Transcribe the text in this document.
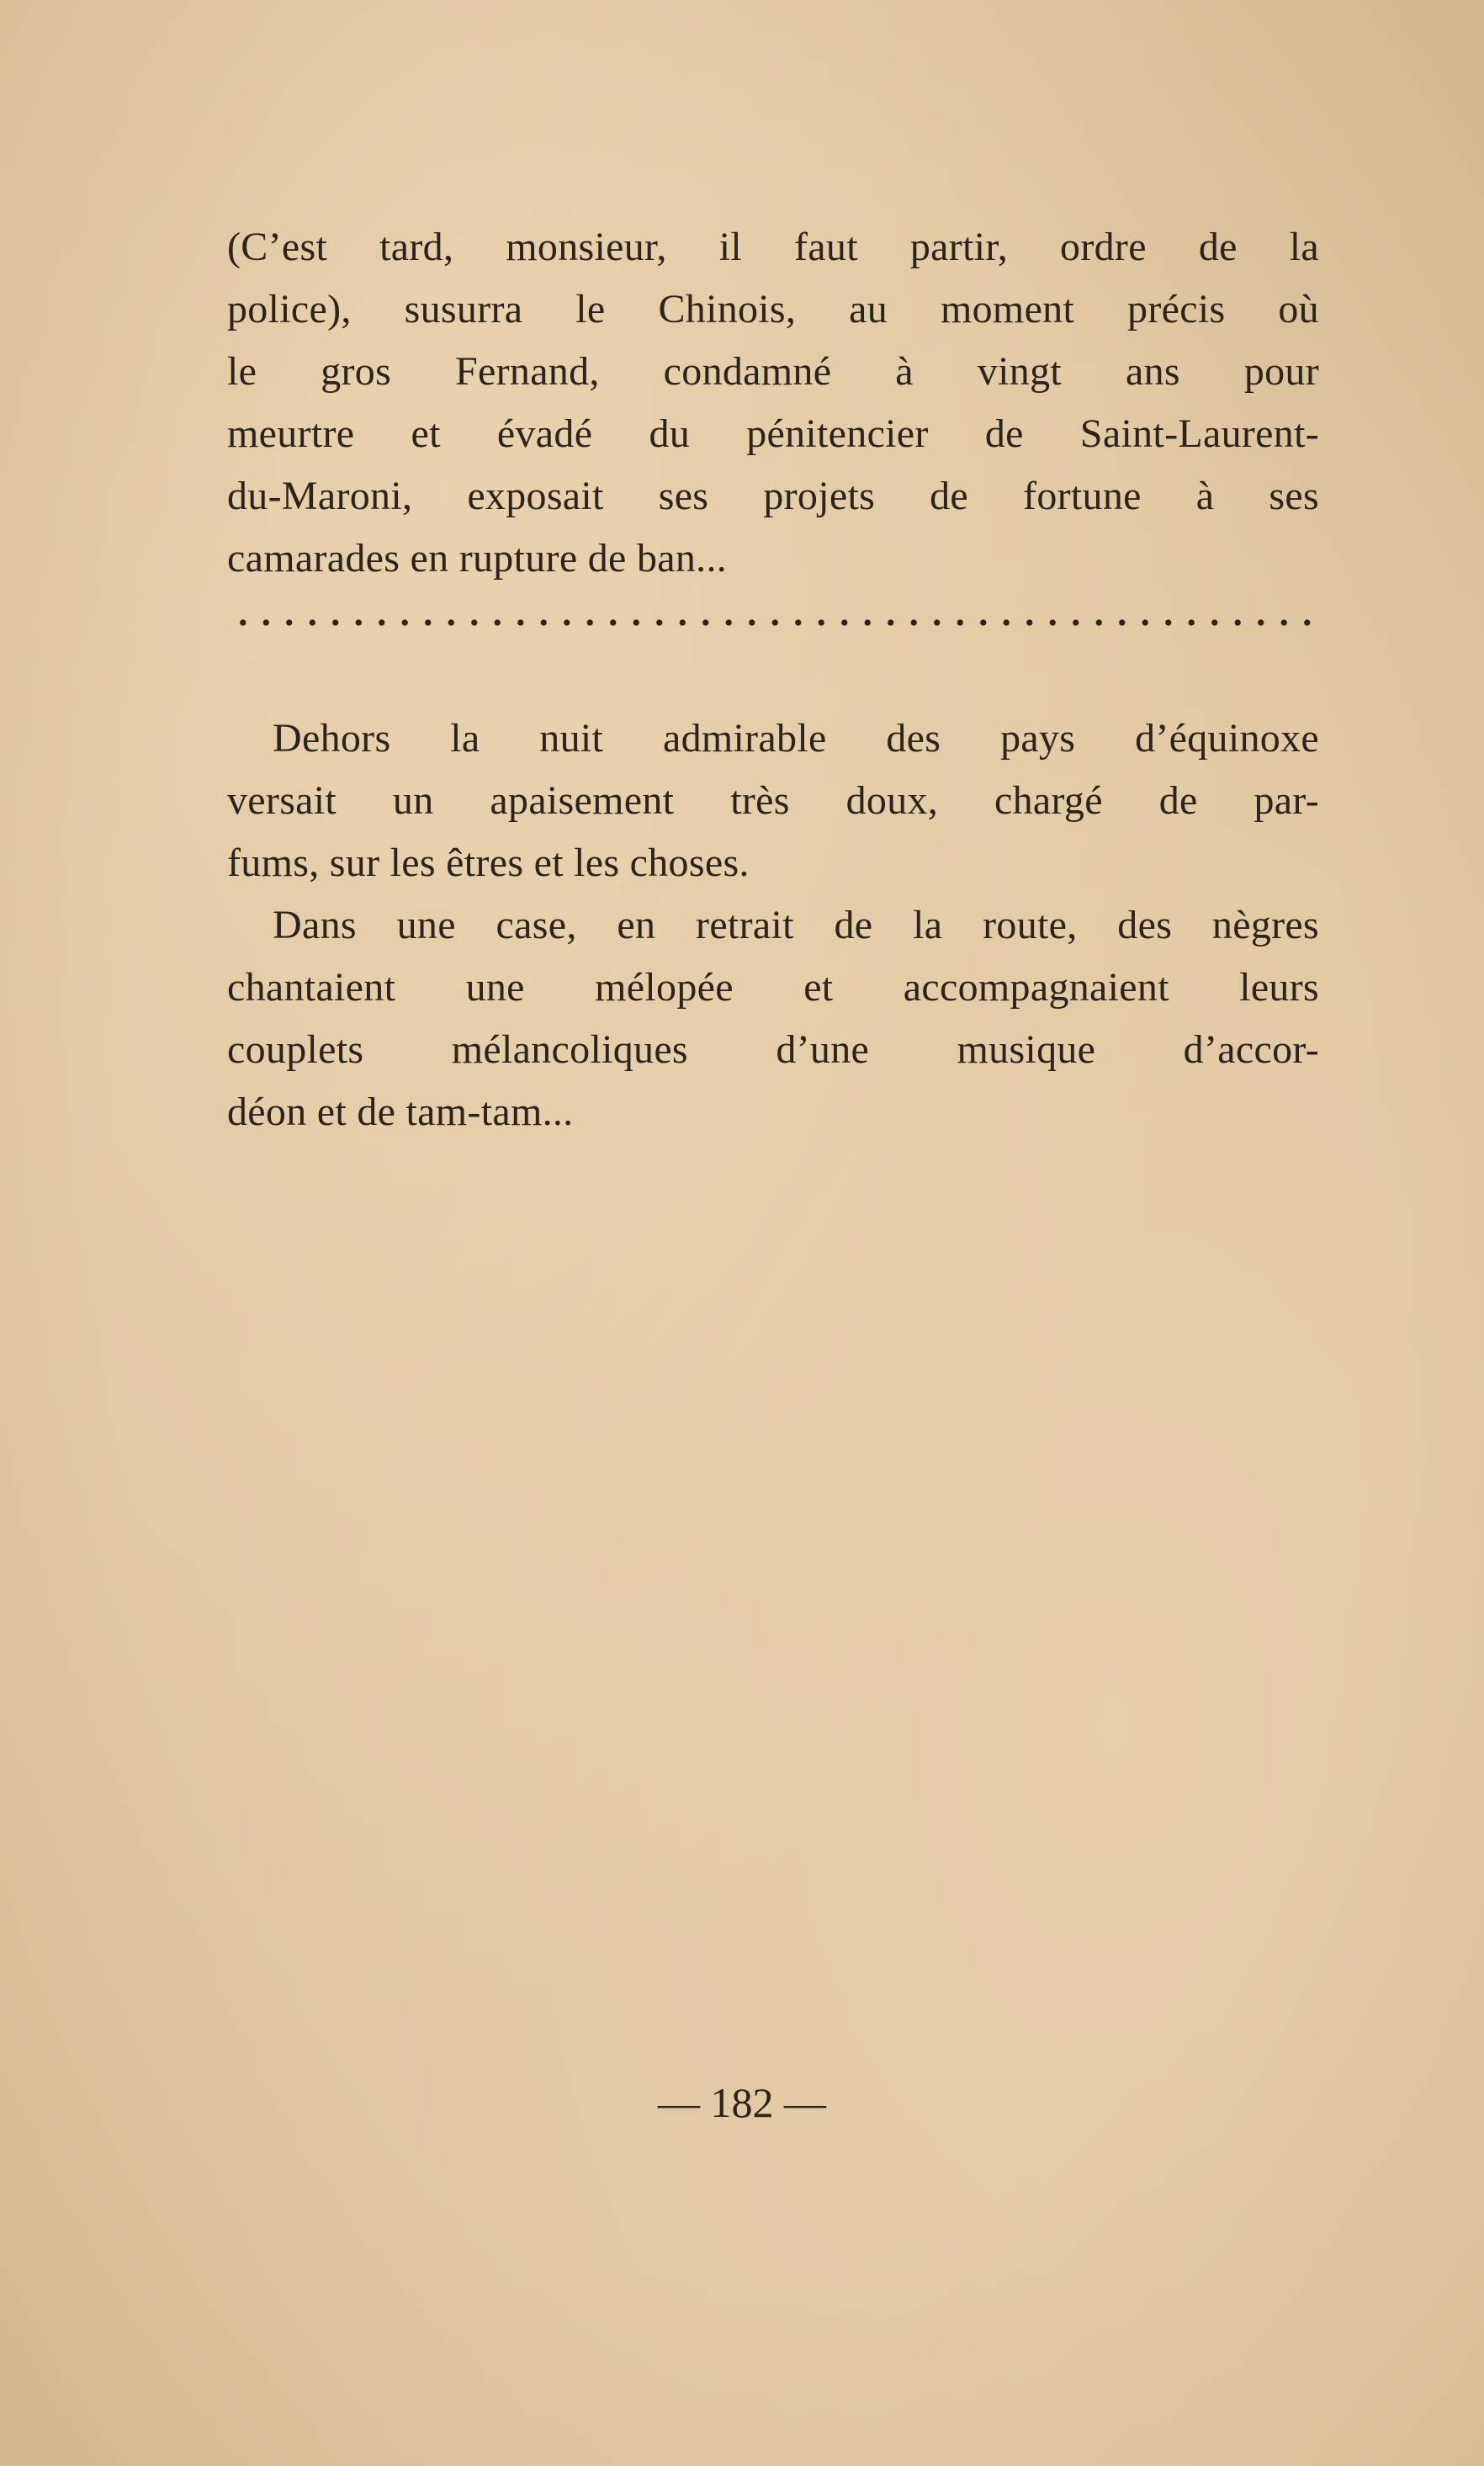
(C’est tard, monsieur, il faut partir, ordre de la
police), susurra le Chinois, au moment précis où
le gros Fernand, condamné à vingt ans pour
meurtre et évadé du pénitencier de Saint-Laurent-
du-Maroni, exposait ses projets de fortune à ses
camarades en rupture de ban...
Dehors la nuit admirable des pays d’équinoxe
versait un apaisement très doux, chargé de par-
fums, sur les êtres et les choses.
Dans une case, en retrait de la route, des nègres
chantaient une mélopée et accompagnaient leurs
couplets mélancoliques d’une musique d’accor-
déon et de tam-tam...
— 182 —
